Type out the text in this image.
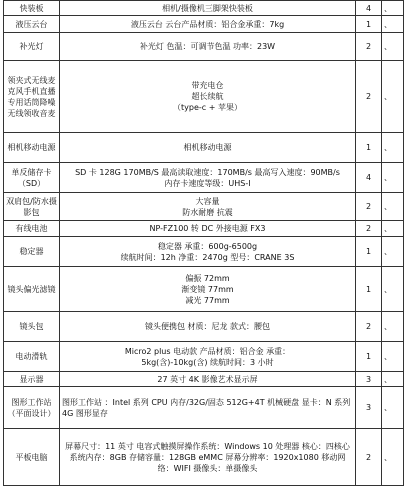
快装板	相机/摄像机三脚架快装板	4	、
液压云台	液压云台 云台产品材质：铝合金承重：7kg	1	、
补光灯	补光灯 色温：可调节色温 功率：23W	2	、
领夹式无线麦克风手机直播专用话筒降噪无线领收音麦	带充电仓
超长续航
（type-c + 苹果）	2	、
相机移动电源	相机移动电源	1	、
单反储存卡（SD）	SD 卡 128G 170MB/S 最高读取速度：170MB/s 最高写入速度：90MB/s
内存卡速度等级：UHS-I	4	、
双肩包/防水摄影包	大容量
防水耐磨 抗震	2	、
有线电池	NP-FZ100 转 DC 外接电源 FX3	2	、
稳定器	稳定器 承重：600g-6500g
续航时间：12h 净重：2470g 型号：CRANE 3S	1	、
镜头偏光滤镜	偏振 72mm
渐变镜 77mm
减光 77mm	1	、
镜头包	镜头便携包 材质：尼龙 款式：腰包	2	、
电动滑轨	Micro2 plus 电动款 产品材质：铝合金 承重：
5kg(含)-10kg(含) 续航时间：3 小时	1	、
显示器	27 英寸 4K 影像艺术显示屏	3	、
图形工作站（平面设计）	图形工作站 ：Intel 系列 CPU 内存/32G/固态 512G+4T 机械硬盘 显卡：N 系列 4G 图形显存	3	、
平板电脑	屏幕尺寸：11 英寸 电容式触摸屏操作系统：Windows 10 处理器 核心：四核心 系统内存：8GB 存储容量：128GB eMMC 屏幕分辨率：1920x1080 移动网络：WIFI 摄像头：单摄像头	2	、
